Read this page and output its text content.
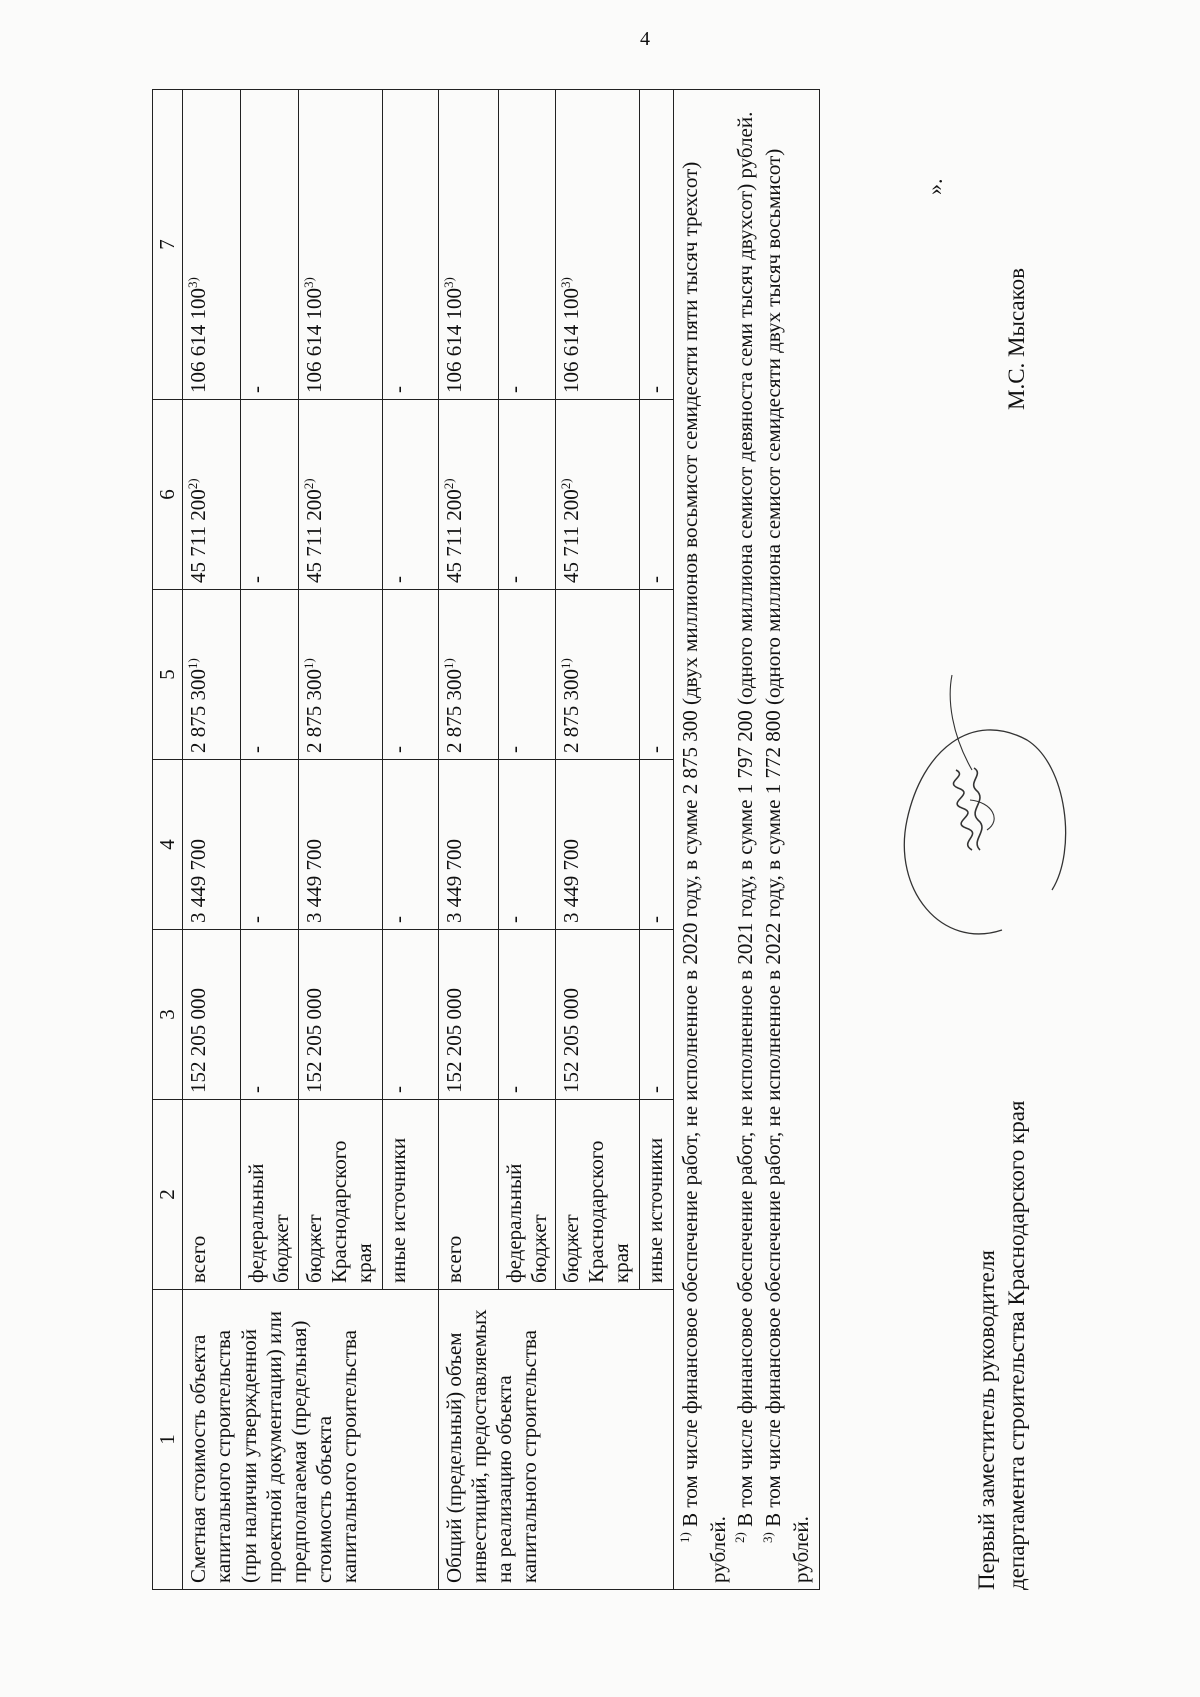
4
1	2	3	4	5	6	7
Сметная стоимость объекта капитального строительства (при наличии утвержденной проектной документации) или предполагаемая (предельная) стоимость объекта капитального строительства	всего	152 205 000	3 449 700	2 875 300$^{1)}$	45 711 200$^{2)}$	106 614 100$^{3)}$
	федеральный бюджет	-	-	-	-	-
	бюджет Краснодарского края	152 205 000	3 449 700	2 875 300$^{1)}$	45 711 200$^{2)}$	106 614 100$^{3)}$
	иные источники	-	-	-	-	-
Общий (предельный) объем инвестиций, предоставляемых на реализацию объекта капитального строительства	всего	152 205 000	3 449 700	2 875 300$^{1)}$	45 711 200$^{2)}$	106 614 100$^{3)}$
	федеральный бюджет	-	-	-	-	-
	бюджет Краснодарского края	152 205 000	3 449 700	2 875 300$^{1)}$	45 711 200$^{2)}$	106 614 100$^{3)}$
	иные источники	-	-	-	-	-

$^{1)}$ В том числе финансовое обеспечение работ, не исполненное в 2020 году, в сумме 2 875 300 (двух миллионов восьмисот семидесяти пяти тысяч трехсот) рублей. $^{2)}$ В том числе финансовое обеспечение работ, не исполненное в 2021 году, в сумме 1 797 200 (одного миллиона семисот девяноста семи тысяч двухсот) рублей.
$^{3)}$ В том числе финансовое обеспечение работ, не исполненное в 2022 году, в сумме 1 772 800 (одного миллиона семисот семидесяти двух тысяч восьмисот) рублей.						
».
Первый заместитель руководителя департамента строительства Краснодарского края
М.С. Мысаков
